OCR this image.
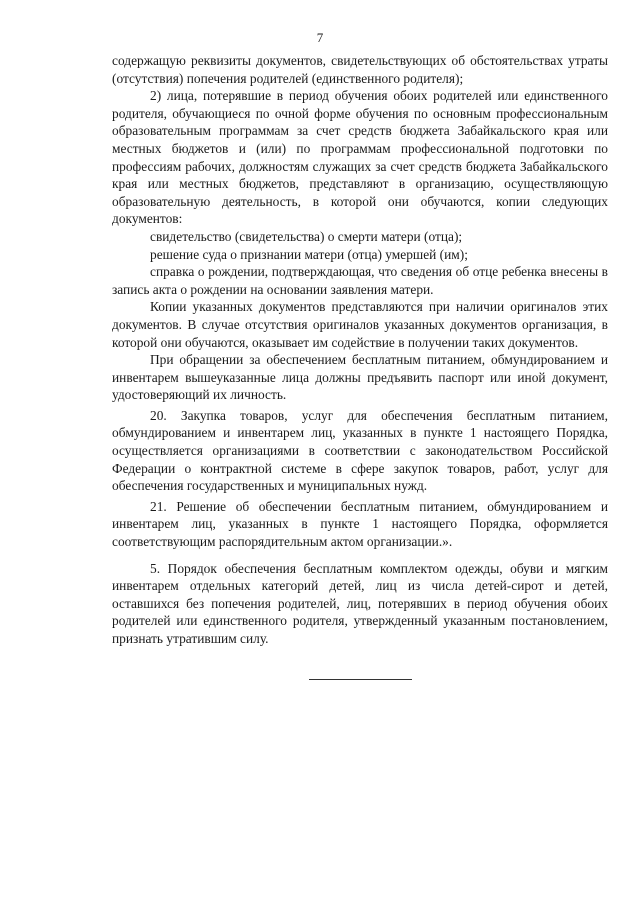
7

содержащую реквизиты документов, свидетельствующих об обстоятельствах утраты (отсутствия) попечения родителей (единственного родителя);

2) лица, потерявшие в период обучения обоих родителей или единственного родителя, обучающиеся по очной форме обучения по основным профессиональным образовательным программам за счет средств бюджета Забайкальского края или местных бюджетов и (или) по программам профессиональной подготовки по профессиям рабочих, должностям служащих за счет средств бюджета Забайкальского края или местных бюджетов, представляют в организацию, осуществляющую образовательную деятельность, в которой они обучаются, копии следующих документов:

свидетельство (свидетельства) о смерти матери (отца);

решение суда о признании матери (отца) умершей (им);

справка о рождении, подтверждающая, что сведения об отце ребенка внесены в запись акта о рождении на основании заявления матери.

Копии указанных документов представляются при наличии оригиналов этих документов. В случае отсутствия оригиналов указанных документов организация, в которой они обучаются, оказывает им содействие в получении таких документов.

При обращении за обеспечением бесплатным питанием, обмундированием и инвентарем вышеуказанные лица должны предъявить паспорт или иной документ, удостоверяющий их личность.

20. Закупка товаров, услуг для обеспечения бесплатным питанием, обмундированием и инвентарем лиц, указанных в пункте 1 настоящего Порядка, осуществляется организациями в соответствии с законодательством Российской Федерации о контрактной системе в сфере закупок товаров, работ, услуг для обеспечения государственных и муниципальных нужд.

21. Решение об обеспечении бесплатным питанием, обмундированием и инвентарем лиц, указанных в пункте 1 настоящего Порядка, оформляется соответствующим распорядительным актом организации.».

5. Порядок обеспечения бесплатным комплектом одежды, обуви и мягким инвентарем отдельных категорий детей, лиц из числа детей-сирот и детей, оставшихся без попечения родителей, лиц, потерявших в период обучения обоих родителей или единственного родителя, утвержденный указанным постановлением, признать утратившим силу.
